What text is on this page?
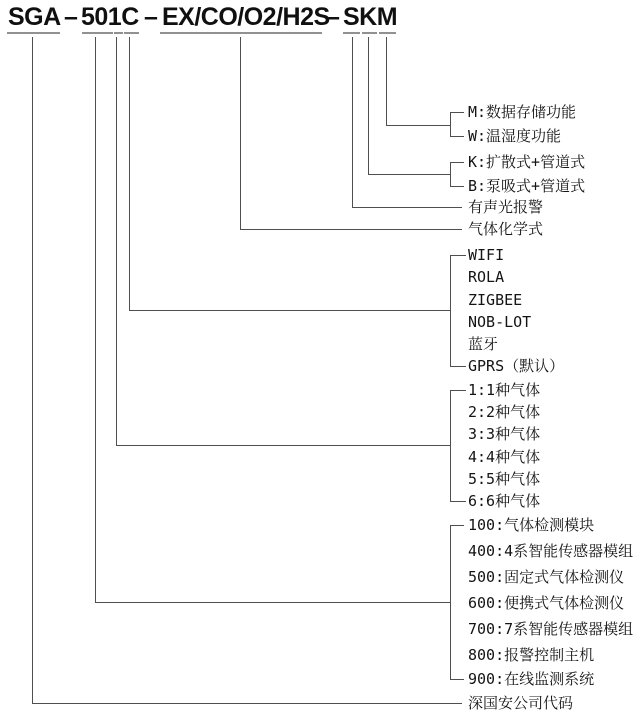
SGA – 501C – EX/CO/O2/H2S
– SKM
M:数据存储功能
W:温湿度功能
K:扩散式+管道式
B:泵吸式+管道式
有声光报警
气体化学式
WIFI
ROLA
ZIGBEE
NOB-LOT
蓝牙
GPRS（默认）
1:1种气体
2:2种气体
3:3种气体
4:4种气体
5:5种气体
6:6种气体
100:气体检测模块
400:4系智能传感器模组
500:固定式气体检测仪
600:便携式气体检测仪
700:7系智能传感器模组
800:报警控制主机
900:在线监测系统
深国安公司代码
